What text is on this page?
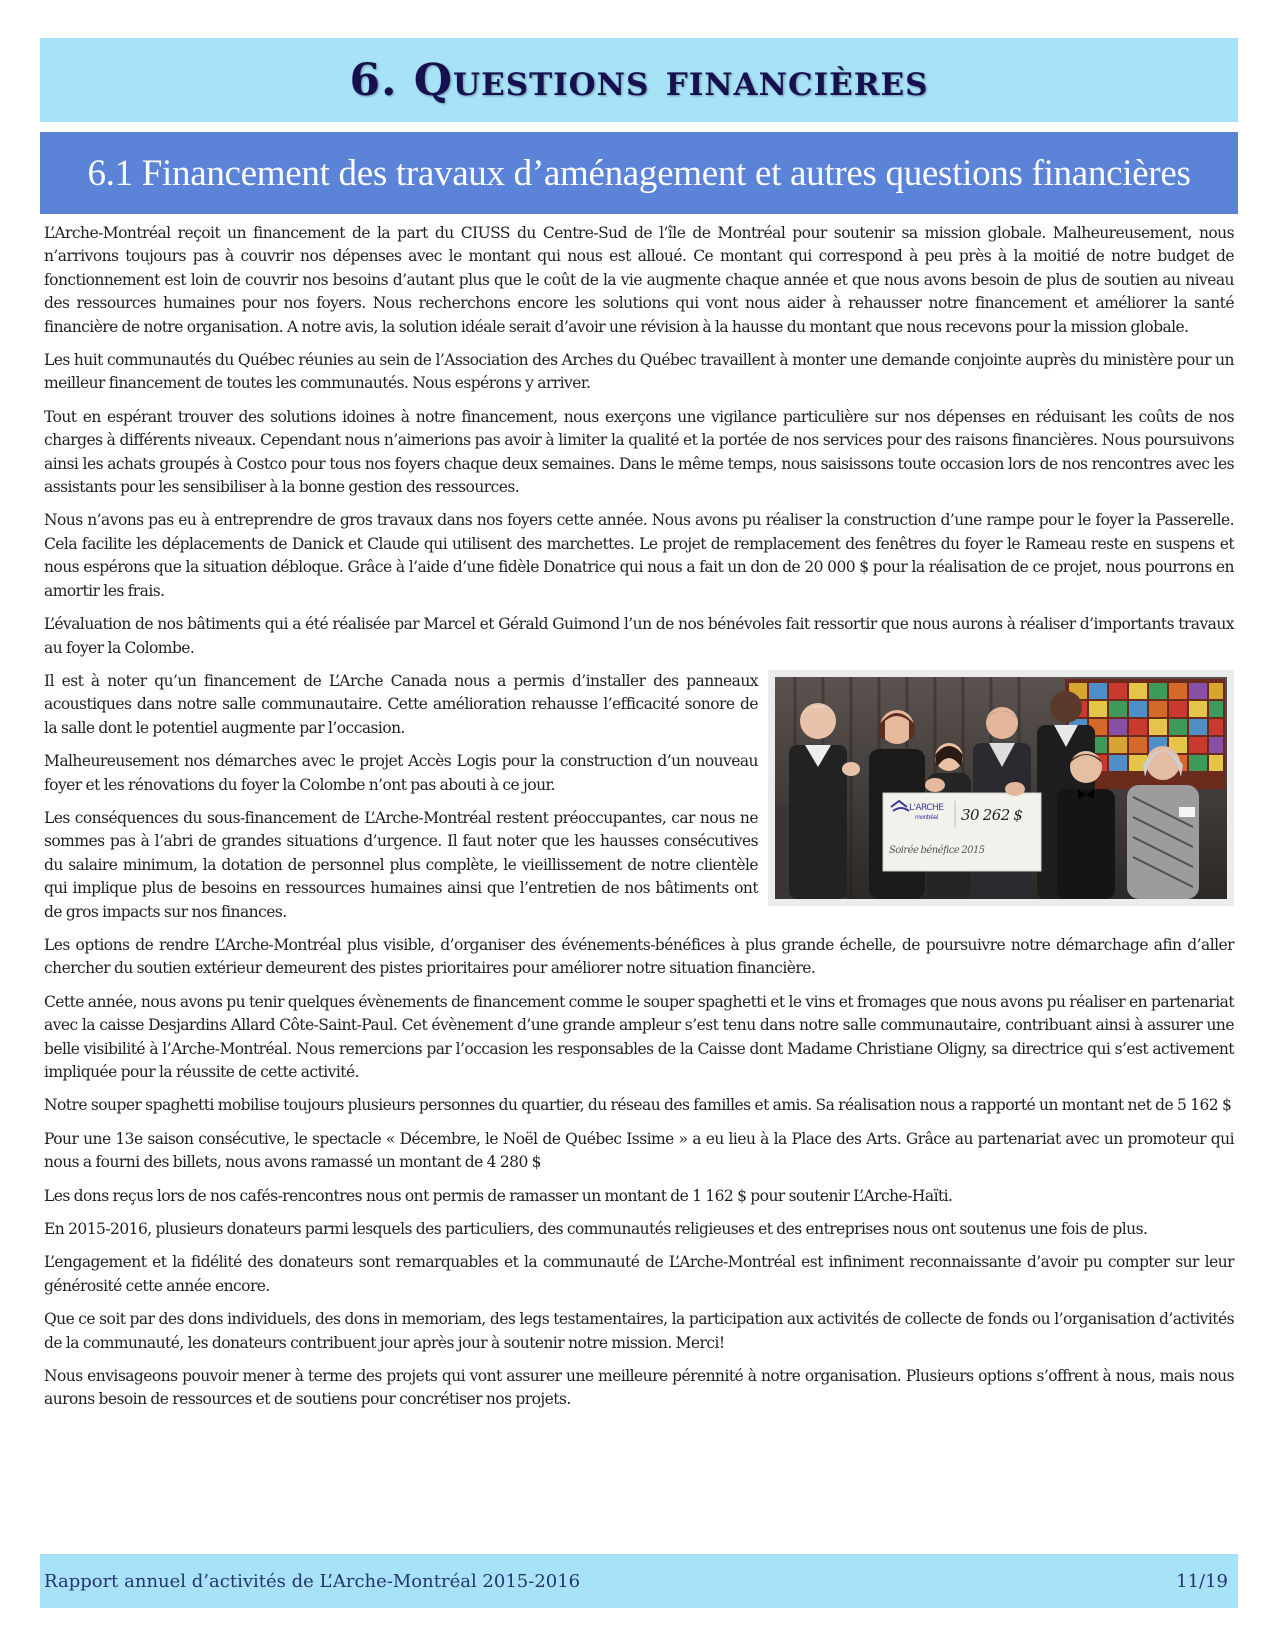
6. Questions financières
6.1 Financement des travaux d’aménagement et autres questions financières

L’Arche-Montréal reçoit un financement de la part du CIUSS du Centre-Sud de l’île de Montréal pour soutenir sa mission globale. Malheureusement, nous n’arrivons toujours pas à couvrir nos dépenses avec le montant qui nous est alloué. Ce montant qui correspond à peu près à la moitié de notre budget de fonctionnement est loin de couvrir nos besoins d’autant plus que le coût de la vie augmente chaque année et que nous avons besoin de plus de soutien au niveau des ressources humaines pour nos foyers. Nous recherchons encore les solutions qui vont nous aider à rehausser notre financement et améliorer la santé financière de notre organisation. A notre avis, la solution idéale serait d’avoir une révision à la hausse du montant que nous recevons pour la mission globale.

Les huit communautés du Québec réunies au sein de l’Association des Arches du Québec travaillent à monter une demande conjointe auprès du ministère pour un meilleur financement de toutes les communautés. Nous espérons y arriver.

Tout en espérant trouver des solutions idoines à notre financement, nous exerçons une vigilance particulière sur nos dépenses en réduisant les coûts de nos charges à différents niveaux. Cependant nous n’aimerions pas avoir à limiter la qualité et la portée de nos services pour des raisons financières. Nous poursuivons ainsi les achats groupés à Costco pour tous nos foyers chaque deux semaines. Dans le même temps, nous saisissons toute occasion lors de nos rencontres avec les assistants pour les sensibiliser à la bonne gestion des ressources.

Nous n’avons pas eu à entreprendre de gros travaux dans nos foyers cette année. Nous avons pu réaliser la construction d’une rampe pour le foyer la Passerelle. Cela facilite les déplacements de Danick et Claude qui utilisent des marchettes. Le projet de remplacement des fenêtres du foyer le Rameau reste en suspens et nous espérons que la situation débloque. Grâce à l’aide d’une fidèle Donatrice qui nous a fait un don de 20 000 $ pour la réalisation de ce projet, nous pourrons en amortir les frais.

L’évaluation de nos bâtiments qui a été réalisée par Marcel et Gérald Guimond l’un de nos bénévoles fait ressortir que nous aurons à réaliser d’importants travaux au foyer la Colombe.

L'ARCHE
montréal 30 262 $
Soirée bénéfice 2015

Il est à noter qu’un financement de L’Arche Canada nous a permis d’installer des panneaux acoustiques dans notre salle communautaire. Cette amélioration rehausse l’efficacité sonore de la salle dont le potentiel augmente par l’occasion.

Malheureusement nos démarches avec le projet Accès Logis pour la construction d’un nouveau foyer et les rénovations du foyer la Colombe n’ont pas abouti à ce jour.

Les conséquences du sous-financement de L’Arche-Montréal restent préoccupantes, car nous ne sommes pas à l’abri de grandes situations d’urgence. Il faut noter que les hausses consécutives du salaire minimum, la dotation de personnel plus complète, le vieillissement de notre clientèle qui implique plus de besoins en ressources humaines ainsi que l’entretien de nos bâtiments ont de gros impacts sur nos finances.

Les options de rendre L’Arche-Montréal plus visible, d’organiser des événements-bénéfices à plus grande échelle, de poursuivre notre démarchage afin d’aller chercher du soutien extérieur demeurent des pistes prioritaires pour améliorer notre situation financière.

Cette année, nous avons pu tenir quelques évènements de financement comme le souper spaghetti et le vins et fromages que nous avons pu réaliser en partenariat avec la caisse Desjardins Allard Côte-Saint-Paul. Cet évènement d’une grande ampleur s’est tenu dans notre salle communautaire, contribuant ainsi à assurer une belle visibilité à l’Arche-Montréal. Nous remercions par l’occasion les responsables de la Caisse dont Madame Christiane Oligny, sa directrice qui s’est activement impliquée pour la réussite de cette activité.

Notre souper spaghetti mobilise toujours plusieurs personnes du quartier, du réseau des familles et amis. Sa réalisation nous a rapporté un montant net de 5 162 $

Pour une 13e saison consécutive, le spectacle « Décembre, le Noël de Québec Issime » a eu lieu à la Place des Arts. Grâce au partenariat avec un promoteur qui nous a fourni des billets, nous avons ramassé un montant de 4 280 $

Les dons reçus lors de nos cafés-rencontres nous ont permis de ramasser un montant de 1 162 $ pour soutenir L’Arche-Haïti.

En 2015-2016, plusieurs donateurs parmi lesquels des particuliers, des communautés religieuses et des entreprises nous ont soutenus une fois de plus.

L’engagement et la fidélité des donateurs sont remarquables et la communauté de L’Arche-Montréal est infiniment reconnaissante d’avoir pu compter sur leur générosité cette année encore.

Que ce soit par des dons individuels, des dons in memoriam, des legs testamentaires, la participation aux activités de collecte de fonds ou l’organisation d’activités de la communauté, les donateurs contribuent jour après jour à soutenir notre mission. Merci!

Nous envisageons pouvoir mener à terme des projets qui vont assurer une meilleure pérennité à notre organisation. Plusieurs options s’offrent à nous, mais nous aurons besoin de ressources et de soutiens pour concrétiser nos projets.

Rapport annuel d’activités de L’Arche-Montréal 2015-2016	11/19
